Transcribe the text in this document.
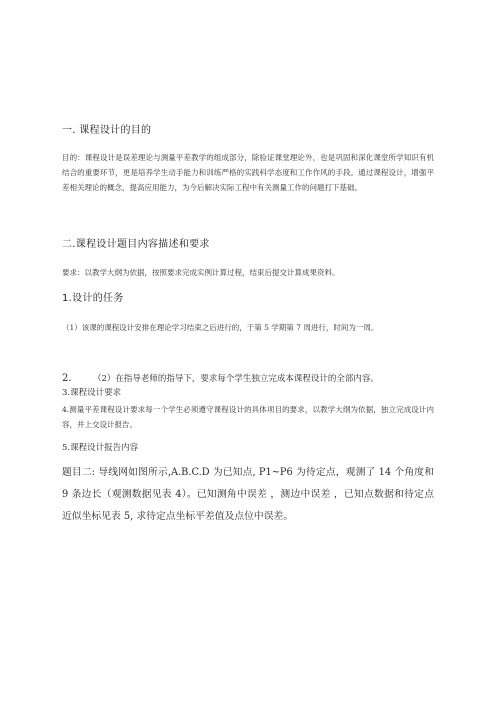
一. 课程设计的目的

目的：课程设计是误差理论与测量平差教学的组成部分，除验证课堂理论外，也是巩固和深化课堂所学知识有机结合的重要环节，更是培养学生动手能力和训练严格的实践科学态度和工作作风的手段。通过课程设计，增强平差相关理论的概念，提高应用能力，为今后解决实际工程中有关测量工作的问题打下基础。

二.课程设计题目内容描述和要求

要求：以教学大纲为依据，按照要求完成实例计算过程，结束后提交计算成果资料。

1.设计的任务

（1）该课的课程设计安排在理论学习结束之后进行的，于第 5 学期第 7 周进行，时间为一周。

2.	（2）在指导老师的指导下，要求每个学生独立完成本课程设计的全部内容。
3.课程设计要求

4.测量平差课程设计要求每一个学生必须遵守课程设计的具体项目的要求，以教学大纲为依据，独立完成设计内容，并上交设计报告。

5.课程设计报告内容

题目二: 导线网如图所示,A.B.C.D 为已知点, P1~P6 为待定点，观测了 14 个角度和 9 条边长（观测数据见表 4）。已知测角中误差 ，测边中误差 ，已知点数据和待定点近似坐标见表 5, 求待定点坐标平差值及点位中误差。
